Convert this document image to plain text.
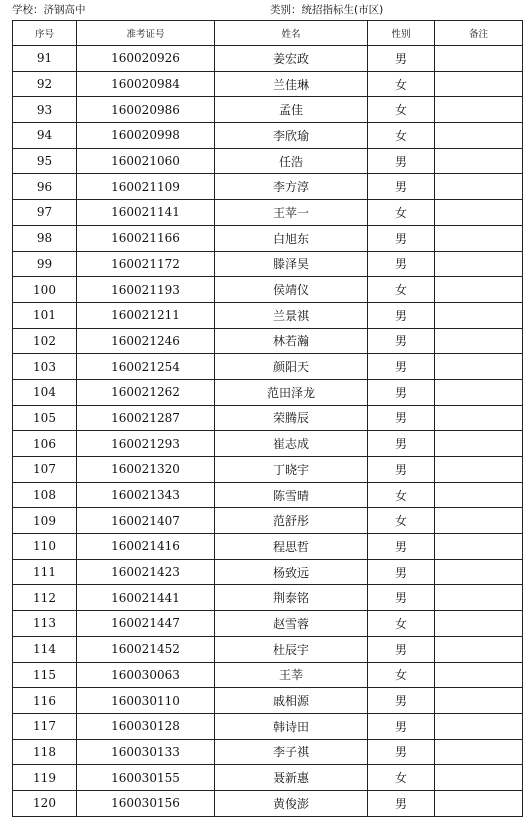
学校：济钢高中	类别：统招指标生(市区)
序号	准考证号	姓名	性别	备注
91	160020926	姜宏政	男	
92	160020984	兰佳琳	女	
93	160020986	孟佳	女	
94	160020998	李欣瑜	女	
95	160021060	任浩	男	
96	160021109	李方淳	男	
97	160021141	王苹一	女	
98	160021166	白旭东	男	
99	160021172	滕泽昊	男	
100	160021193	侯靖仪	女	
101	160021211	兰景祺	男	
102	160021246	林若瀚	男	
103	160021254	颜阳天	男	
104	160021262	范田泽龙	男	
105	160021287	荣腾辰	男	
106	160021293	崔志成	男	
107	160021320	丁晓宇	男	
108	160021343	陈雪晴	女	
109	160021407	范舒彤	女	
110	160021416	程思哲	男	
111	160021423	杨致远	男	
112	160021441	荆泰铭	男	
113	160021447	赵雪蓉	女	
114	160021452	杜辰宇	男	
115	160030063	王莘	女	
116	160030110	戚相源	男	
117	160030128	韩诗田	男	
118	160030133	李子祺	男	
119	160030155	聂新惠	女	
120	160030156	黄俊澎	男	
